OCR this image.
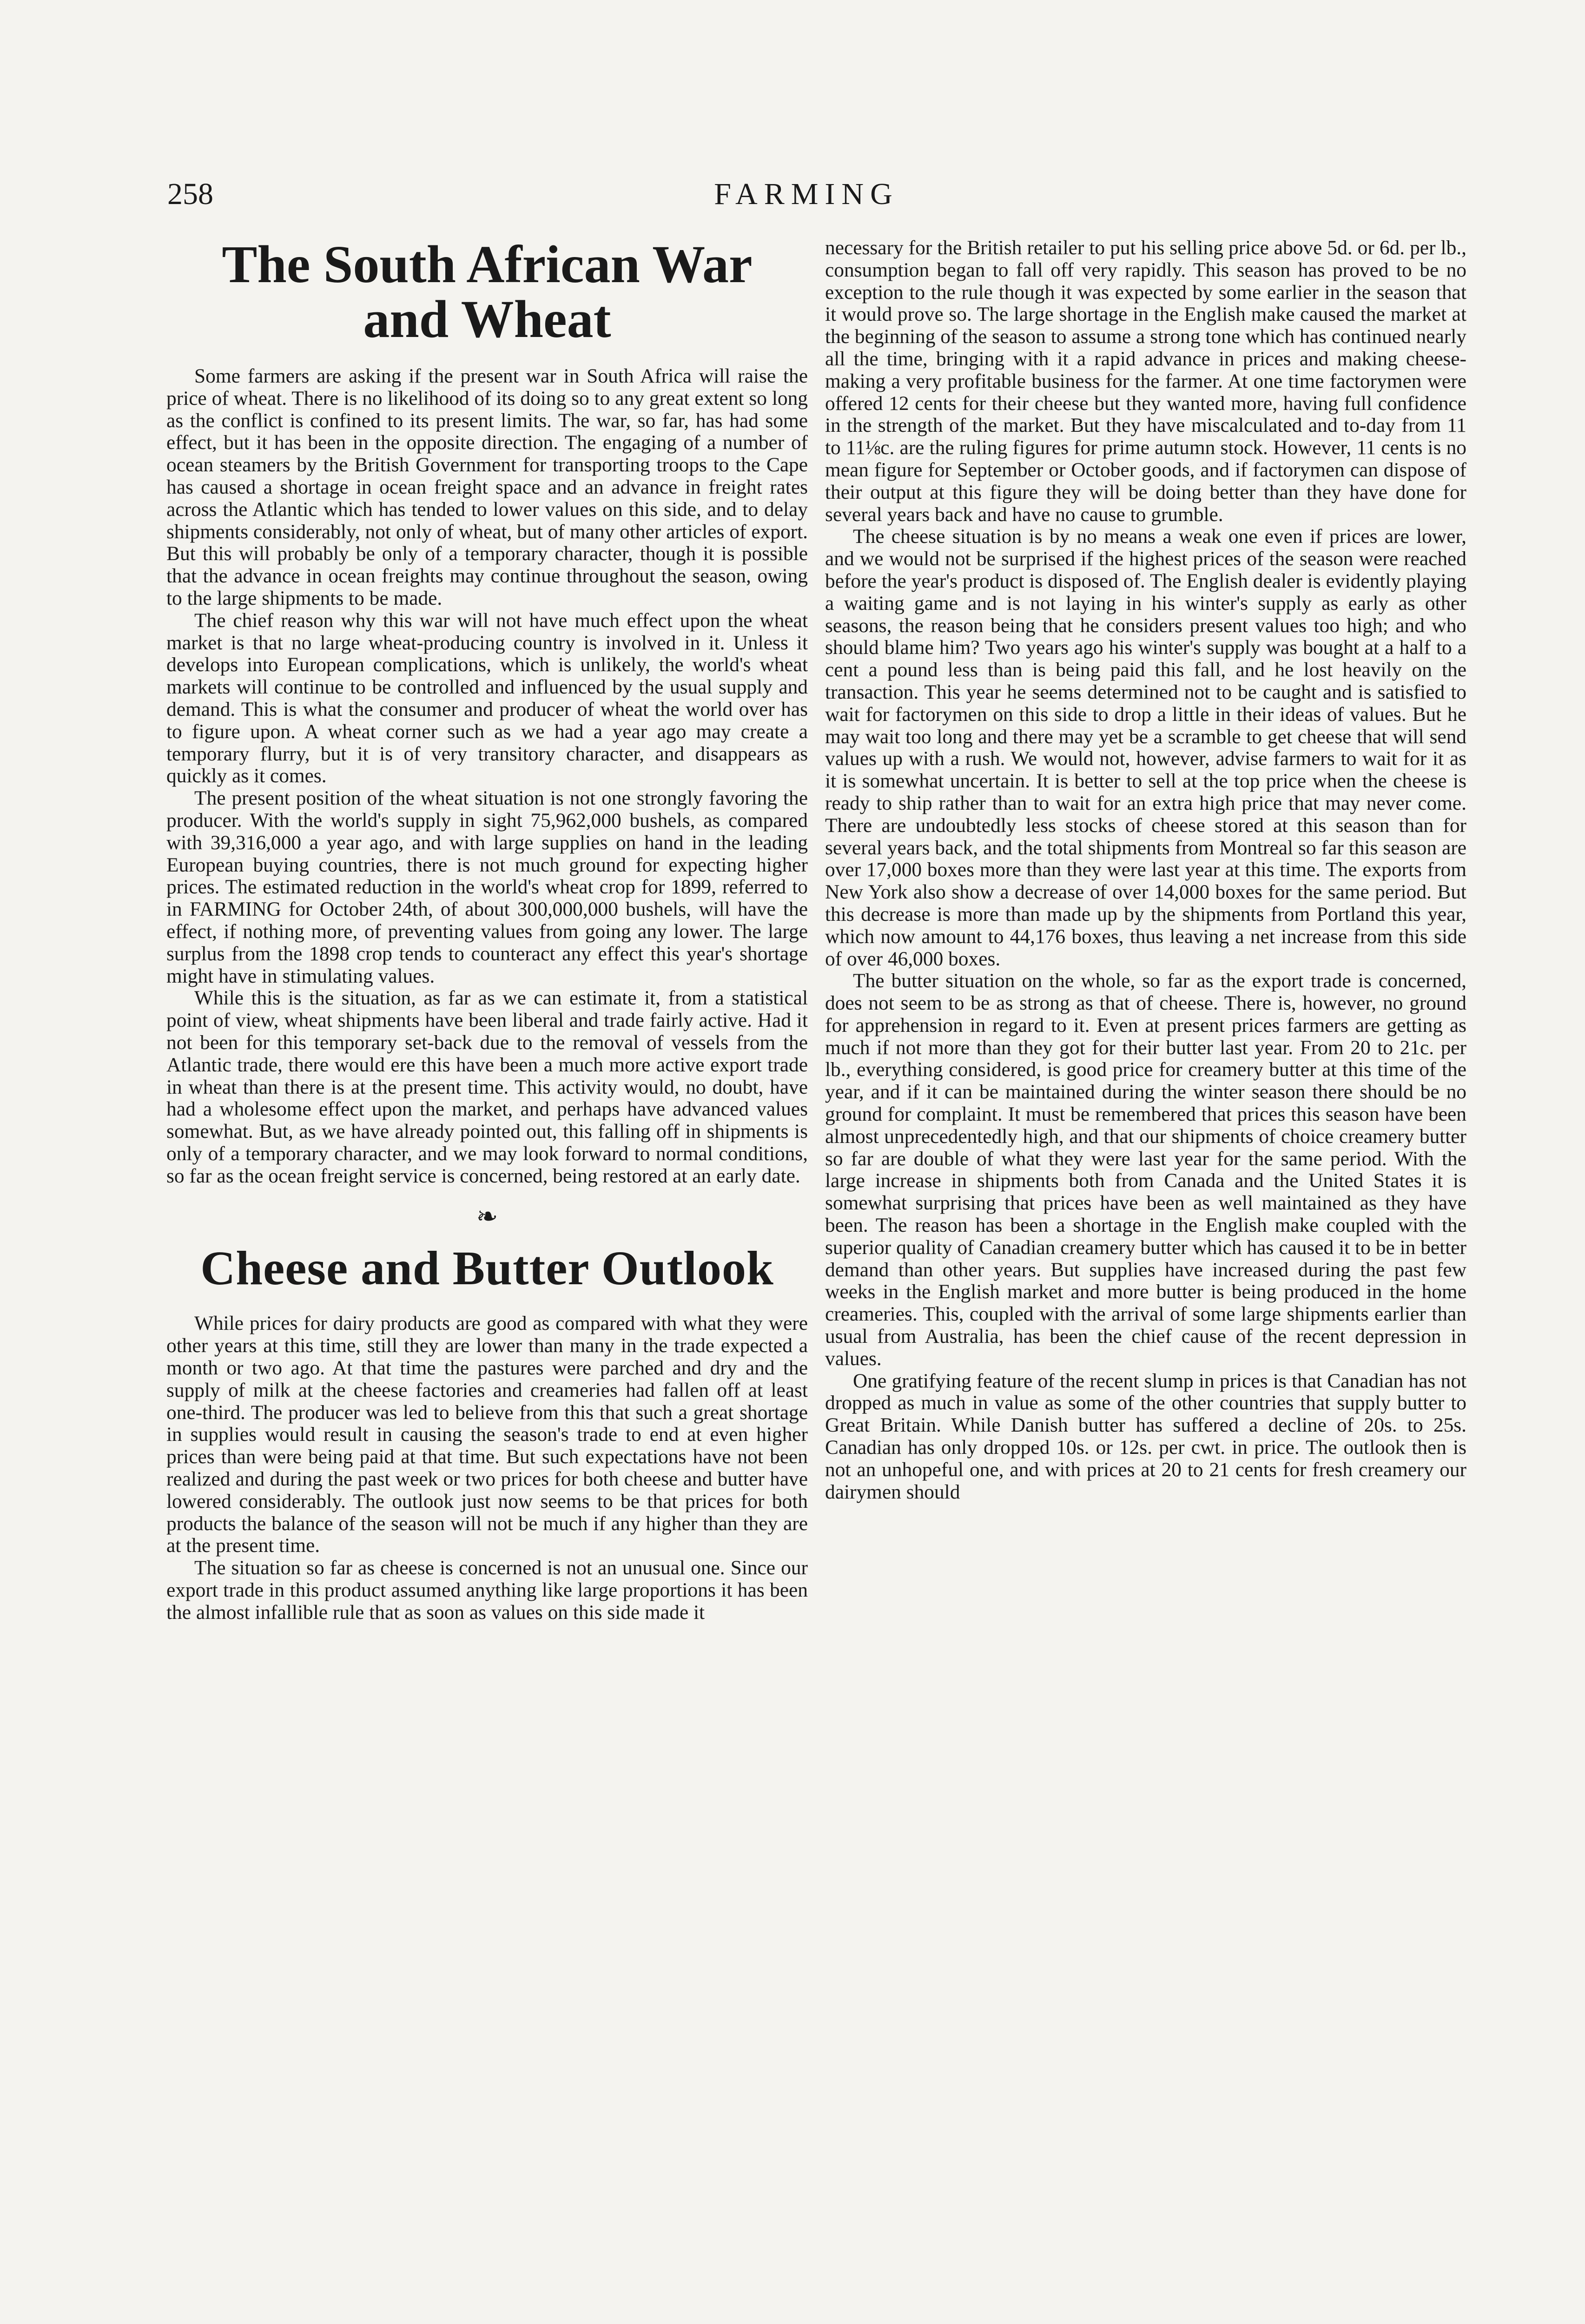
258	FARMING
The South African War
and Wheat

Some farmers are asking if the present war in South Africa will raise the price of wheat. There is no likelihood of its doing so to any great extent so long as the conflict is confined to its present limits. The war, so far, has had some effect, but it has been in the opposite direction. The engaging of a number of ocean steamers by the British Government for transporting troops to the Cape has caused a shortage in ocean freight space and an advance in freight rates across the Atlantic which has tended to lower values on this side, and to delay shipments considerably, not only of wheat, but of many other articles of export. But this will probably be only of a temporary character, though it is possible that the advance in ocean freights may continue throughout the season, owing to the large shipments to be made.

The chief reason why this war will not have much effect upon the wheat market is that no large wheat-producing country is involved in it. Unless it develops into European complications, which is unlikely, the world's wheat markets will continue to be controlled and influenced by the usual supply and demand. This is what the consumer and producer of wheat the world over has to figure upon. A wheat corner such as we had a year ago may create a temporary flurry, but it is of very transitory character, and disappears as quickly as it comes.

The present position of the wheat situation is not one strongly favoring the producer. With the world's supply in sight 75,962,000 bushels, as compared with 39,316,000 a year ago, and with large supplies on hand in the leading European buying countries, there is not much ground for expecting higher prices. The estimated reduction in the world's wheat crop for 1899, referred to in FARMING for October 24th, of about 300,000,000 bushels, will have the effect, if nothing more, of preventing values from going any lower. The large surplus from the 1898 crop tends to counteract any effect this year's shortage might have in stimulating values.

While this is the situation, as far as we can estimate it, from a statistical point of view, wheat shipments have been liberal and trade fairly active. Had it not been for this temporary set-back due to the removal of vessels from the Atlantic trade, there would ere this have been a much more active export trade in wheat than there is at the present time. This activity would, no doubt, have had a wholesome effect upon the market, and perhaps have advanced values somewhat. But, as we have already pointed out, this falling off in shipments is only of a temporary character, and we may look forward to normal conditions, so far as the ocean freight service is concerned, being restored at an early date.

❧
Cheese and Butter Outlook

While prices for dairy products are good as compared with what they were other years at this time, still they are lower than many in the trade expected a month or two ago. At that time the pastures were parched and dry and the supply of milk at the cheese factories and creameries had fallen off at least one-third. The producer was led to believe from this that such a great shortage in supplies would result in causing the season's trade to end at even higher prices than were being paid at that time. But such expectations have not been realized and during the past week or two prices for both cheese and butter have lowered considerably. The outlook just now seems to be that prices for both products the balance of the season will not be much if any higher than they are at the present time.

The situation so far as cheese is concerned is not an unusual one. Since our export trade in this product assumed anything like large proportions it has been the almost infallible rule that as soon as values on this side made it

necessary for the British retailer to put his selling price above 5d. or 6d. per lb., consumption began to fall off very rapidly. This season has proved to be no exception to the rule though it was expected by some earlier in the season that it would prove so. The large shortage in the English make caused the market at the beginning of the season to assume a strong tone which has continued nearly all the time, bringing with it a rapid advance in prices and making cheese-making a very profitable business for the farmer. At one time factorymen were offered 12 cents for their cheese but they wanted more, having full confidence in the strength of the market. But they have miscalculated and to-day from 11 to 11⅛c. are the ruling figures for prime autumn stock. However, 11 cents is no mean figure for September or October goods, and if factorymen can dispose of their output at this figure they will be doing better than they have done for several years back and have no cause to grumble.

The cheese situation is by no means a weak one even if prices are lower, and we would not be surprised if the highest prices of the season were reached before the year's product is disposed of. The English dealer is evidently playing a waiting game and is not laying in his winter's supply as early as other seasons, the reason being that he considers present values too high; and who should blame him? Two years ago his winter's supply was bought at a half to a cent a pound less than is being paid this fall, and he lost heavily on the transaction. This year he seems determined not to be caught and is satisfied to wait for factorymen on this side to drop a little in their ideas of values. But he may wait too long and there may yet be a scramble to get cheese that will send values up with a rush. We would not, however, advise farmers to wait for it as it is somewhat uncertain. It is better to sell at the top price when the cheese is ready to ship rather than to wait for an extra high price that may never come. There are undoubtedly less stocks of cheese stored at this season than for several years back, and the total shipments from Montreal so far this season are over 17,000 boxes more than they were last year at this time. The exports from New York also show a decrease of over 14,000 boxes for the same period. But this decrease is more than made up by the shipments from Portland this year, which now amount to 44,176 boxes, thus leaving a net increase from this side of over 46,000 boxes.

The butter situation on the whole, so far as the export trade is concerned, does not seem to be as strong as that of cheese. There is, however, no ground for apprehension in regard to it. Even at present prices farmers are getting as much if not more than they got for their butter last year. From 20 to 21c. per lb., everything considered, is good price for creamery butter at this time of the year, and if it can be maintained during the winter season there should be no ground for complaint. It must be remembered that prices this season have been almost unprecedentedly high, and that our shipments of choice creamery butter so far are double of what they were last year for the same period. With the large increase in shipments both from Canada and the United States it is somewhat surprising that prices have been as well maintained as they have been. The reason has been a shortage in the English make coupled with the superior quality of Canadian creamery butter which has caused it to be in better demand than other years. But supplies have increased during the past few weeks in the English market and more butter is being produced in the home creameries. This, coupled with the arrival of some large shipments earlier than usual from Australia, has been the chief cause of the recent depression in values.

One gratifying feature of the recent slump in prices is that Canadian has not dropped as much in value as some of the other countries that supply butter to Great Britain. While Danish butter has suffered a decline of 20s. to 25s. Canadian has only dropped 10s. or 12s. per cwt. in price. The outlook then is not an unhopeful one, and with prices at 20 to 21 cents for fresh creamery our dairymen should
